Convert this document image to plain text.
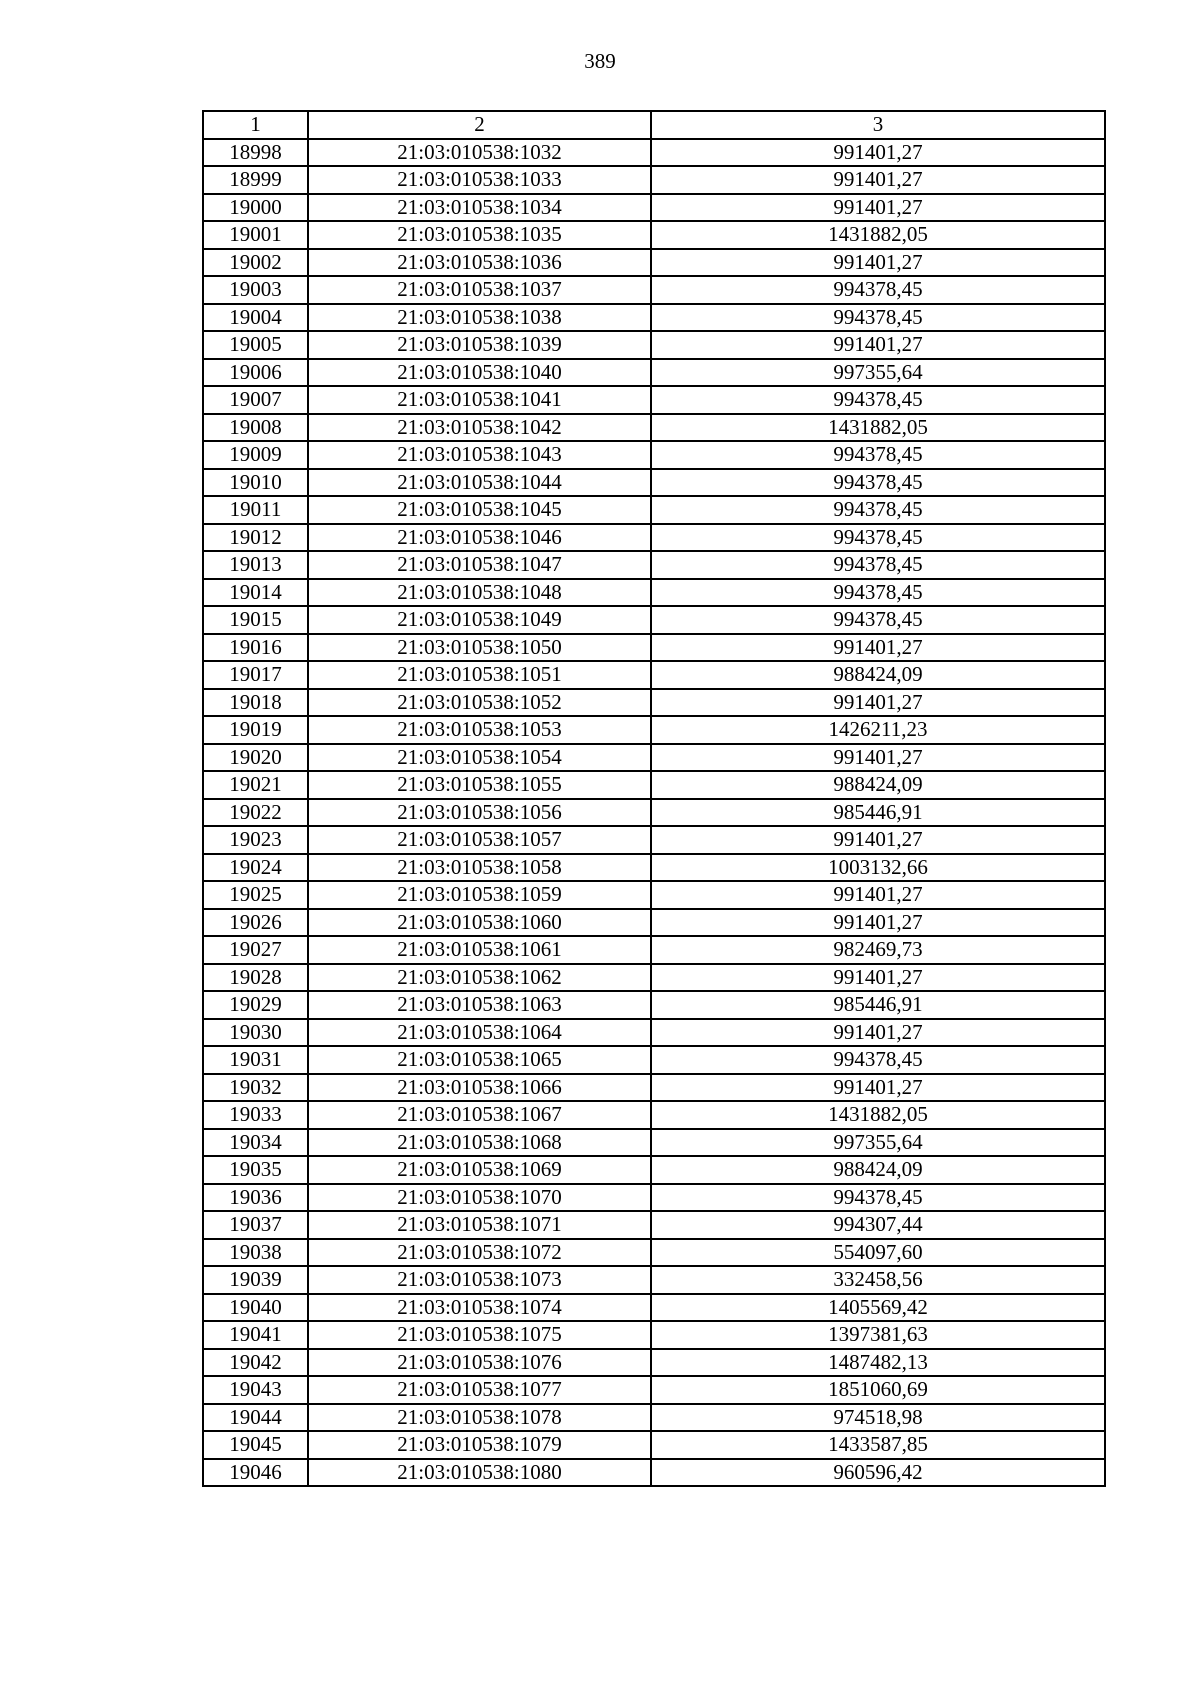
389
1	2	3
18998	21:03:010538:1032	991401,27
18999	21:03:010538:1033	991401,27
19000	21:03:010538:1034	991401,27
19001	21:03:010538:1035	1431882,05
19002	21:03:010538:1036	991401,27
19003	21:03:010538:1037	994378,45
19004	21:03:010538:1038	994378,45
19005	21:03:010538:1039	991401,27
19006	21:03:010538:1040	997355,64
19007	21:03:010538:1041	994378,45
19008	21:03:010538:1042	1431882,05
19009	21:03:010538:1043	994378,45
19010	21:03:010538:1044	994378,45
19011	21:03:010538:1045	994378,45
19012	21:03:010538:1046	994378,45
19013	21:03:010538:1047	994378,45
19014	21:03:010538:1048	994378,45
19015	21:03:010538:1049	994378,45
19016	21:03:010538:1050	991401,27
19017	21:03:010538:1051	988424,09
19018	21:03:010538:1052	991401,27
19019	21:03:010538:1053	1426211,23
19020	21:03:010538:1054	991401,27
19021	21:03:010538:1055	988424,09
19022	21:03:010538:1056	985446,91
19023	21:03:010538:1057	991401,27
19024	21:03:010538:1058	1003132,66
19025	21:03:010538:1059	991401,27
19026	21:03:010538:1060	991401,27
19027	21:03:010538:1061	982469,73
19028	21:03:010538:1062	991401,27
19029	21:03:010538:1063	985446,91
19030	21:03:010538:1064	991401,27
19031	21:03:010538:1065	994378,45
19032	21:03:010538:1066	991401,27
19033	21:03:010538:1067	1431882,05
19034	21:03:010538:1068	997355,64
19035	21:03:010538:1069	988424,09
19036	21:03:010538:1070	994378,45
19037	21:03:010538:1071	994307,44
19038	21:03:010538:1072	554097,60
19039	21:03:010538:1073	332458,56
19040	21:03:010538:1074	1405569,42
19041	21:03:010538:1075	1397381,63
19042	21:03:010538:1076	1487482,13
19043	21:03:010538:1077	1851060,69
19044	21:03:010538:1078	974518,98
19045	21:03:010538:1079	1433587,85
19046	21:03:010538:1080	960596,42
